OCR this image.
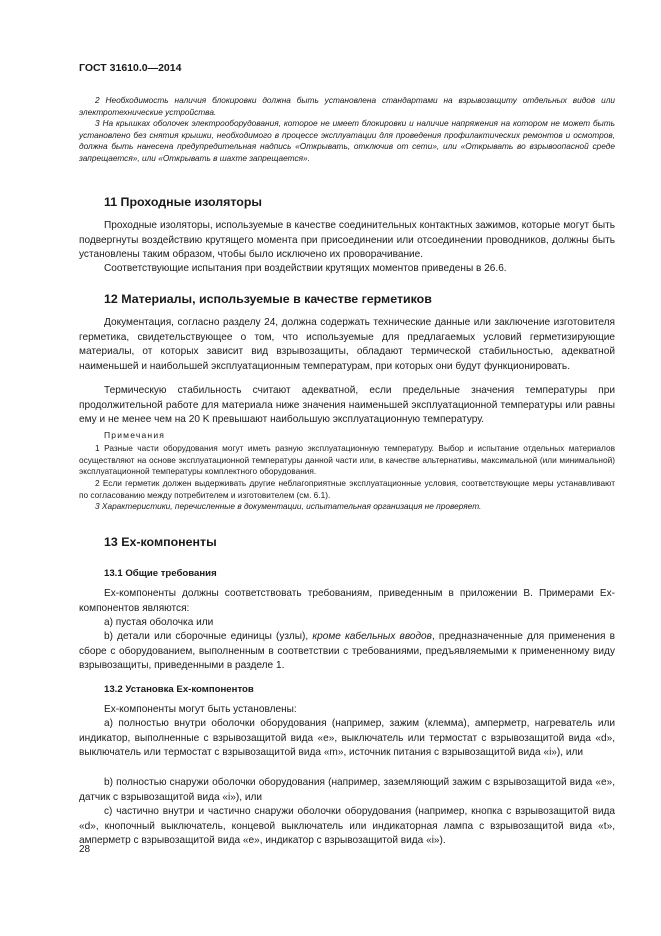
ГОСТ 31610.0—2014

2 Необходимость наличия блокировки должна быть установлена стандартами на взрывозащиту отдельных видов или электротехнические устройства.

3 На крышках оболочек электрооборудования, которое не имеет блокировки и наличие напряжения на котором не может быть установлено без снятия крышки, необходимого в процессе эксплуатации для проведения профилактических ремонтов и осмотров, должна быть нанесена предупредительная надпись «Открывать, отключив от сети», или «Открывать во взрывоопасной среде запрещается», или «Открывать в шахте запрещается».

11 Проходные изоляторы

Проходные изоляторы, используемые в качестве соединительных контактных зажимов, которые могут быть подвергнуты воздействию крутящего момента при присоединении или отсоединении проводников, должны быть установлены таким образом, чтобы было исключено их проворачивание.

Соответствующие испытания при воздействии крутящих моментов приведены в 26.6.

12 Материалы, используемые в качестве герметиков

Документация, согласно разделу 24, должна содержать технические данные или заключение изготовителя герметика, свидетельствующее о том, что используемые для предлагаемых условий герметизирующие материалы, от которых зависит вид взрывозащиты, обладают термической стабильностью, адекватной наименьшей и наибольшей эксплуатационным температурам, при которых они будут функционировать.

Термическую стабильность считают адекватной, если предельные значения температуры при продолжительной работе для материала ниже значения наименьшей эксплуатационной температуры или равны ему и не менее чем на 20 K превышают наибольшую эксплуатационную температуру.

Примечания

1 Разные части оборудования могут иметь разную эксплуатационную температуру. Выбор и испытание отдельных материалов осуществляют на основе эксплуатационной температуры данной части или, в качестве альтернативы, максимальной (или минимальной) эксплуатационной температуры комплектного оборудования.

2 Если герметик должен выдерживать другие неблагоприятные эксплуатационные условия, соответствующие меры устанавливают по согласованию между потребителем и изготовителем (см. 6.1).

3 Характеристики, перечисленные в документации, испытательная организация не проверяет.

13 Ex-компоненты
13.1 Общие требования

Ex-компоненты должны соответствовать требованиям, приведенным в приложении В. Примерами Ex-компонентов являются:

а) пустая оболочка или

b) детали или сборочные единицы (узлы), кроме кабельных вводов, предназначенные для применения в сборе с оборудованием, выполненным в соответствии с требованиями, предъявляемыми к примененному виду взрывозащиты, приведенными в разделе 1.

13.2 Установка Ex-компонентов

Ex-компоненты могут быть установлены:

а) полностью внутри оболочки оборудования (например, зажим (клемма), амперметр, нагреватель или индикатор, выполненные с взрывозащитой вида «е», выключатель или термостат с взрывозащитой вида «d», выключатель или термостат с взрывозащитой вида «m», источник питания с взрывозащитой вида «i»), или

b) полностью снаружи оболочки оборудования (например, заземляющий зажим с взрывозащитой вида «е», датчик с взрывозащитой вида «i»), или

с) частично внутри и частично снаружи оболочки оборудования (например, кнопка с взрывозащитой вида «d», кнопочный выключатель, концевой выключатель или индикаторная лампа с взрывозащитой вида «t», амперметр с взрывозащитой вида «е», индикатор с взрывозащитой вида «i»).

28
